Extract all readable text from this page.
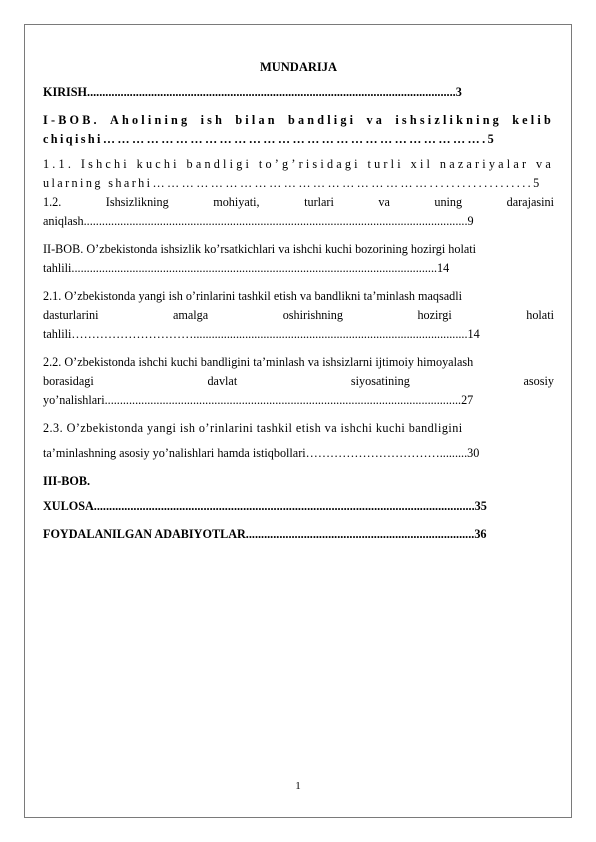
MUNDARIJA
KIRISH.........................................................................................................................3
I-BOB. Aholining ish bilan bandligi va ishsizlikning kelib
chiqishi…………………………………………………………………….5
1.1. Ishchi kuchi bandligi to’g’risidagi turli xil nazariyalar va
ularning sharhi…………………………………………………...................5
1.2.	Ishsizlikning	mohiyati,	turlari	va	uning	darajasini
aniqlash..............................................................................................................................9
II-BOB. O’zbekistonda ishsizlik ko’rsatkichlari va ishchi kuchi bozorining hozirgi holati
tahlili........................................................................................................................14
2.1. O’zbekistonda yangi ish o’rinlarini tashkil etish va bandlikni ta’minlash maqsadli
dasturlarini	amalga	oshirishning	hozirgi	holati
tahlili…………………………..........................................................................................14
2.2. O’zbekistonda ishchi kuchi bandligini ta’minlash va ishsizlarni ijtimoiy himoyalash
borasidagi	davlat	siyosatining	asosiy
yo’nalishlari.....................................................................................................................27
2.3. O’zbekistonda yangi ish o’rinlarini tashkil etish va ishchi kuchi bandligini
ta’minlashning asosiy yo’nalishlari hamda istiqbollari…………………………….........30
III-BOB.
XULOSA.............................................................................................................................35
FOYDALANILGAN ADABIYOTLAR...........................................................................36
1
